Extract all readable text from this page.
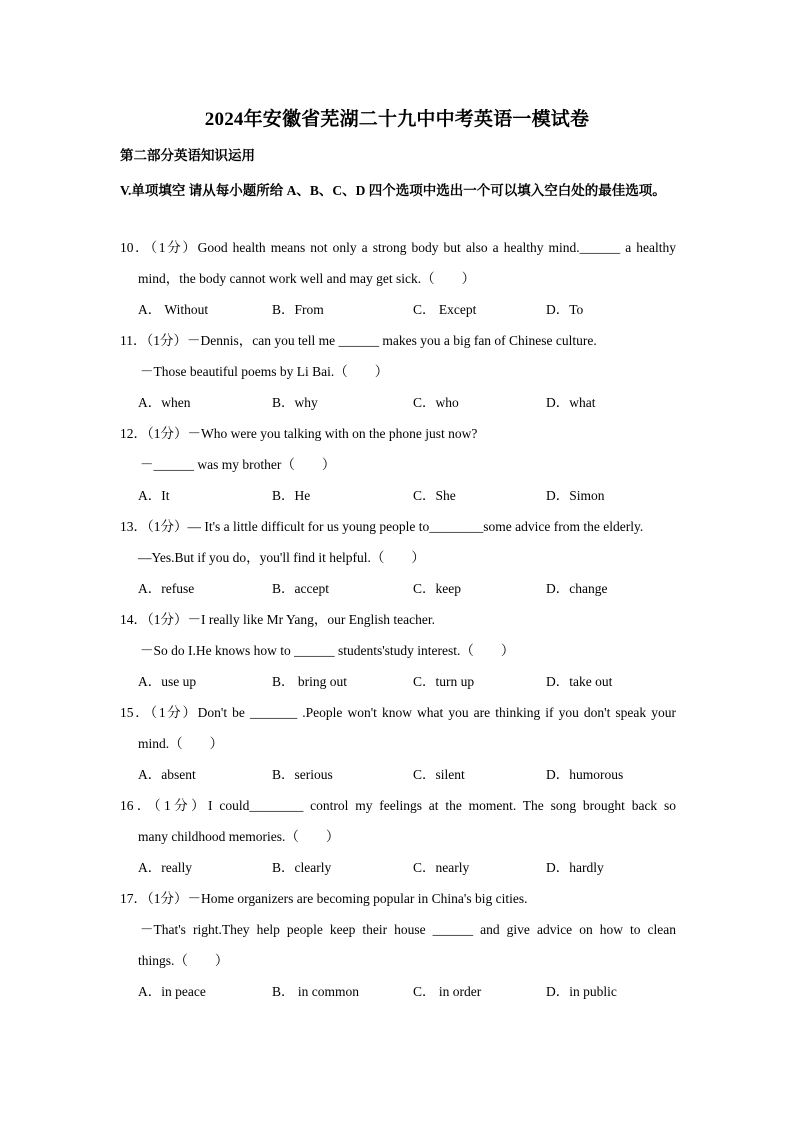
2024年安徽省芜湖二十九中中考英语一模试卷
第二部分英语知识运用
V.单项填空 请从每小题所给 A、B、C、D 四个选项中选出一个可以填入空白处的最佳选项。
10．（1分）Good health means not only a strong body but also a healthy mind.______ a healthy
mind，the body cannot work well and may get sick.（　　）
A． Without	B．From	C． Except	D．To
11．（1分）－Dennis，can you tell me ______ makes you a big fan of Chinese culture.
－Those beautiful poems by Li Bai.（　　）
A．when	B．why	C．who	D．what
12．（1分）－Who were you talking with on the phone just now?
－______ was my brother（　　）
A．It	B．He	C．She	D．Simon
13．（1分）— It's a little difficult for us young people to________some advice from the elderly.
—Yes.But if you do，you'll find it helpful.（　　）
A．refuse	B．accept	C．keep	D．change
14．（1分）－I really like Mr Yang，our English teacher.
－So do I.He knows how to ______ students'study interest.（　　）
A．use up	B． bring out	C．turn up	D．take out
15．（1分）Don't be _______ .People won't know what you are thinking if you don't speak your
mind.（　　）
A．absent	B．serious	C．silent	D．humorous
16．（1分）I could________ control my feelings at the moment. The song brought back so
many childhood memories.（　　）
A．really	B．clearly	C．nearly	D．hardly
17．（1分）－Home organizers are becoming popular in China's big cities.
－That's right.They help people keep their house ______ and give advice on how to clean
things.（　　）
A．in peace	B． in common	C． in order	D．in public
